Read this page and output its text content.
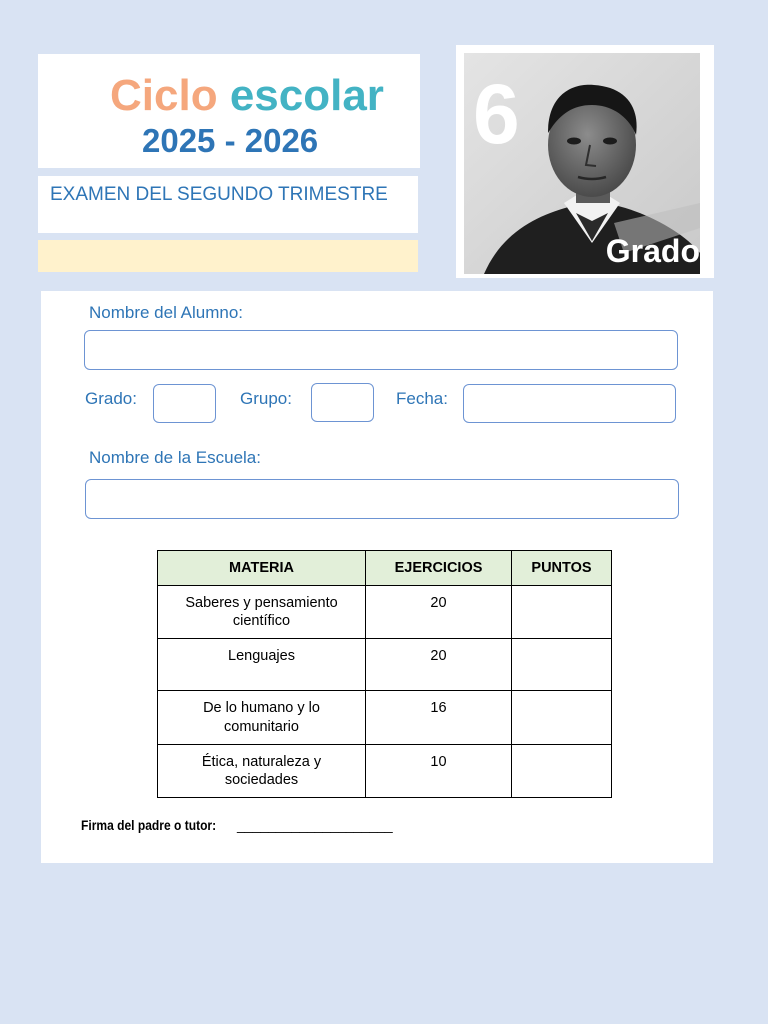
Ciclo escolar

2025 - 2026

EXAMEN DEL SEGUNDO TRIMESTRE

6

Grado

Nombre del Alumno:

Grado:	Grupo:	Fecha:

Nombre de la Escuela:

MATERIA	EJERCICIOS	PUNTOS
Saberes y pensamiento científico	20	
Lenguajes	20	
De lo humano y lo comunitario	16	
Ética, naturaleza y sociedades	10	

Firma del padre o tutor: ____________________
